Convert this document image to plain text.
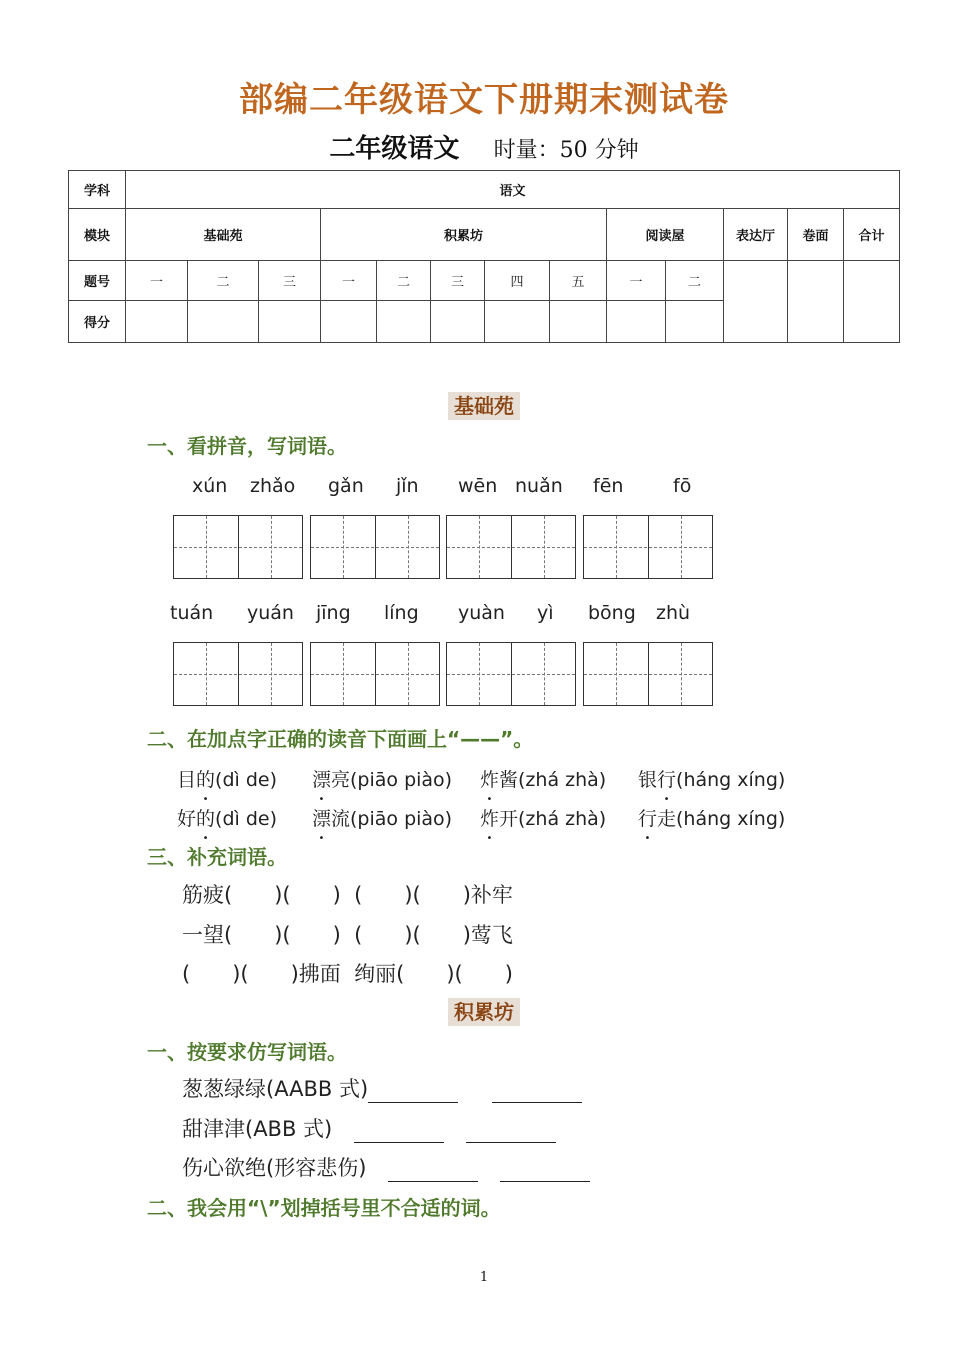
部编二年级语文下册期末测试卷
二年级语文 时量：50 分钟
学科	语文												
模块	基础苑			积累坊					阅读屋		表达厅	卷面	合计
题号	一	二	三	一	二	三	四	五	一	二			
得分													
基础苑
一、看拼音，写词语。
xún zhǎo gǎn jǐn wēn nuǎn fēn	fō
tuán yuán jīng líng yuàn yì bōng zhù
二、在加点字正确的读音下面画上“——”。
目的(dì de) 漂亮(piāo piào) 炸酱(zhá zhà) 银行(háng xíng)
好的(dì de) 漂流(piāo piào) 炸开(zhá zhà) 行走(háng xíng)
三、补充词语。
筋疲(　　)(　　)  (　　)(　　)补牢
一望(　　)(　　)  (　　)(　　)莺飞
(　　)(　　)拂面  绚丽(　　)(　　)
积累坊
一、按要求仿写词语。
葱葱绿绿(AABB 式)
甜津津(ABB 式)
伤心欲绝(形容悲伤)
二、我会用“\”划掉括号里不合适的词。
1
